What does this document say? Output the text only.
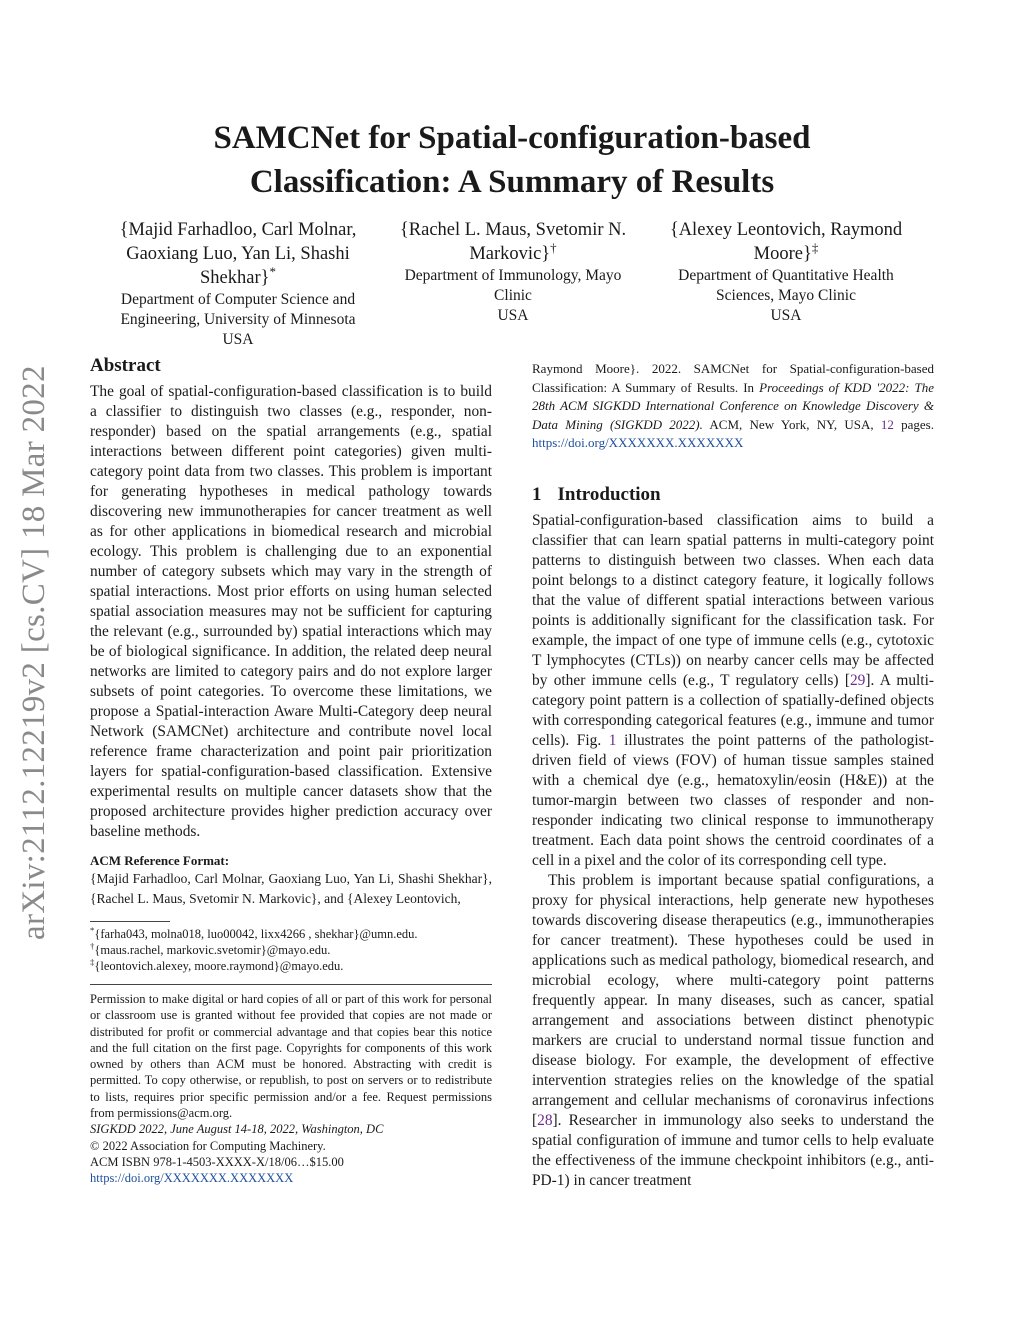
SAMCNet for Spatial-configuration-based
Classification: A Summary of Results
{Majid Farhadloo, Carl Molnar,
Gaoxiang Luo, Yan Li, Shashi
Shekhar}*
Department of Computer Science and
Engineering, University of Minnesota
USA
{Rachel L. Maus, Svetomir N.
Markovic}†
Department of Immunology, Mayo
Clinic
USA
{Alexey Leontovich, Raymond
Moore}‡
Department of Quantitative Health
Sciences, Mayo Clinic
USA
arXiv:2112.12219v2 [cs.CV] 18 Mar 2022 Abstract

The goal of spatial-configuration-based classification is to build a classifier to distinguish two classes (e.g., responder, non-responder) based on the spatial arrangements (e.g., spatial interactions between different point categories) given multi-category point data from two classes. This problem is important for generating hypotheses in medical pathology towards discovering new immunotherapies for cancer treatment as well as for other applications in biomedical research and microbial ecology. This problem is challenging due to an exponential number of category subsets which may vary in the strength of spatial interactions. Most prior efforts on using human selected spatial association measures may not be sufficient for capturing the relevant (e.g., surrounded by) spatial interactions which may be of biological significance. In addition, the related deep neural networks are limited to category pairs and do not explore larger subsets of point categories. To overcome these limitations, we propose a Spatial-interaction Aware Multi-Category deep neural Network (SAMCNet) architecture and contribute novel local reference frame characterization and point pair prioritization layers for spatial-configuration-based classification. Extensive experimental results on multiple cancer datasets show that the proposed architecture provides higher prediction accuracy over baseline methods.

ACM Reference Format:
{Majid Farhadloo, Carl Molnar, Gaoxiang Luo, Yan Li, Shashi Shekhar}, {Rachel L. Maus, Svetomir N. Markovic}, and {Alexey Leontovich,
*{farha043, molna018, luo00042, lixx4266 , shekhar}@umn.edu.
†{maus.rachel, markovic.svetomir}@mayo.edu.
‡{leontovich.alexey, moore.raymond}@mayo.edu.
Permission to make digital or hard copies of all or part of this work for personal or classroom use is granted without fee provided that copies are not made or distributed for profit or commercial advantage and that copies bear this notice and the full citation on the first page. Copyrights for components of this work owned by others than ACM must be honored. Abstracting with credit is permitted. To copy otherwise, or republish, to post on servers or to redistribute to lists, requires prior specific permission and/or a fee. Request permissions from permissions@acm.org.
SIGKDD 2022, June August 14-18, 2022, Washington, DC
© 2022 Association for Computing Machinery.
ACM ISBN 978-1-4503-XXXX-X/18/06…$15.00
https://doi.org/XXXXXXX.XXXXXXX
Raymond Moore}. 2022. SAMCNet for Spatial-configuration-based Classification: A Summary of Results. In Proceedings of KDD '2022: The 28th ACM SIGKDD International Conference on Knowledge Discovery & Data Mining (SIGKDD 2022). ACM, New York, NY, USA, 12 pages. https://doi.org/XXXXXXX.XXXXXXX
1 Introduction

Spatial-configuration-based classification aims to build a classifier that can learn spatial patterns in multi-category point patterns to distinguish between two classes. When each data point belongs to a distinct category feature, it logically follows that the value of different spatial interactions between various points is additionally significant for the classification task. For example, the impact of one type of immune cells (e.g., cytotoxic T lymphocytes (CTLs)) on nearby cancer cells may be affected by other immune cells (e.g., T regulatory cells) [29]. A multi-category point pattern is a collection of spatially-defined objects with corresponding categorical features (e.g., immune and tumor cells). Fig. 1 illustrates the point patterns of the pathologist-driven field of views (FOV) of human tissue samples stained with a chemical dye (e.g., hematoxylin/eosin (H&E)) at the tumor-margin between two classes of responder and non-responder indicating two clinical response to immunotherapy treatment. Each data point shows the centroid coordinates of a cell in a pixel and the color of its corresponding cell type.

This problem is important because spatial configurations, a proxy for physical interactions, help generate new hypotheses towards discovering disease therapeutics (e.g., immunotherapies for cancer treatment). These hypotheses could be used in applications such as medical pathology, biomedical research, and microbial ecology, where multi-category point patterns frequently appear. In many diseases, such as cancer, spatial arrangement and associations between distinct phenotypic markers are crucial to understand normal tissue function and disease biology. For example, the development of effective intervention strategies relies on the knowledge of the spatial arrangement and cellular mechanisms of coronavirus infections [28]. Researcher in immunology also seeks to understand the spatial configuration of immune and tumor cells to help evaluate the effectiveness of the immune checkpoint inhibitors (e.g., anti-PD-1) in cancer treatment
